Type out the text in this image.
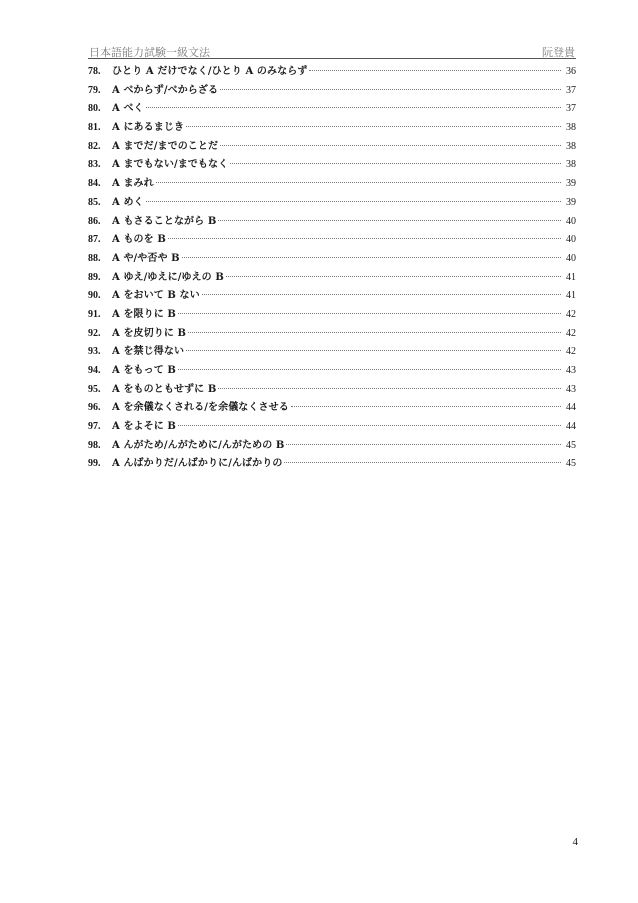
日本語能力試験一級文法	阮登貴
78.	ひとり A だけでなく/ひとり A のみならず	36
79.	A べからず/べからざる	37
80.	A べく	37
81.	A にあるまじき	38
82.	A までだ/までのことだ	38
83.	A までもない/までもなく	38
84.	A まみれ	39
85.	A めく	39
86.	A もさることながら B	40
87.	A ものを B	40
88.	A や/や否や B	40
89.	A ゆえ/ゆえに/ゆえの B	41
90.	A をおいて B ない	41
91.	A を限りに B	42
92.	A を皮切りに B	42
93.	A を禁じ得ない	42
94.	A をもって B	43
95.	A をものともせずに B	43
96.	A を余儀なくされる/を余儀なくさせる	44
97.	A をよそに B	44
98.	A んがため/んがために/んがための B	45
99.	A んばかりだ/んばかりに/んばかりの	45
4
